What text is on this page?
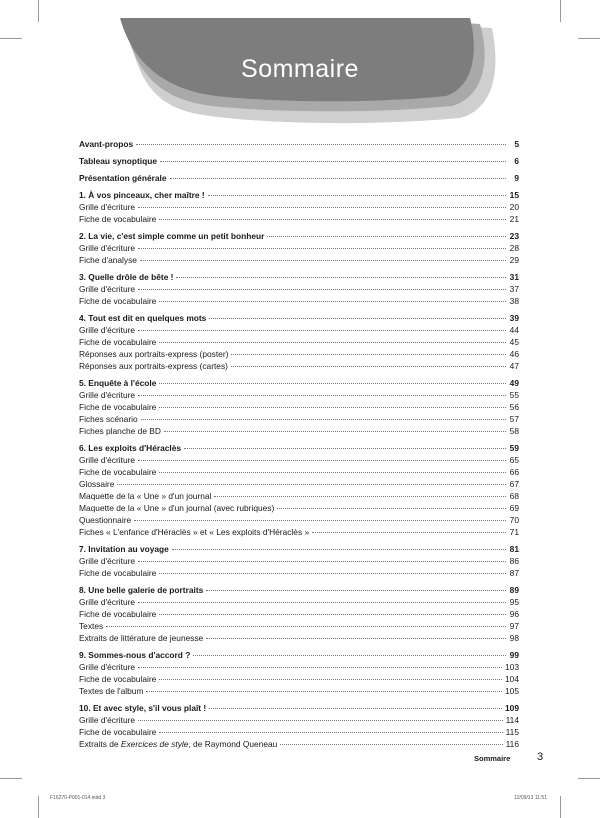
Sommaire
Avant-propos	5
Tableau synoptique	6
Présentation générale	9
1. À vos pinceaux, cher maître !	15
Grille d'écriture	20
Fiche de vocabulaire	21
2. La vie, c'est simple comme un petit bonheur	23
Grille d'écriture	28
Fiche d'analyse	29
3. Quelle drôle de bête !	31
Grille d'écriture	37
Fiche de vocabulaire	38
4. Tout est dit en quelques mots	39
Grille d'écriture	44
Fiche de vocabulaire	45
Réponses aux portraits-express (poster)	46
Réponses aux portraits-express (cartes)	47
5. Enquête à l'école	49
Grille d'écriture	55
Fiche de vocabulaire	56
Fiches scénario	57
Fiches planche de BD	58
6. Les exploits d'Héraclès	59
Grille d'écriture	65
Fiche de vocabulaire	66
Glossaire	67
Maquette de la « Une » d'un journal	68
Maquette de la « Une » d'un journal (avec rubriques)	69
Questionnaire	70
Fiches « L'enfance d'Héraclès » et « Les exploits d'Héraclès »	71
7. Invitation au voyage	81
Grille d'écriture	86
Fiche de vocabulaire	87
8. Une belle galerie de portraits	89
Grille d'écriture	95
Fiche de vocabulaire	96
Textes	97
Extraits de littérature de jeunesse	98
9. Sommes-nous d'accord ?	99
Grille d'écriture	103
Fiche de vocabulaire	104
Textes de l'album	105
10. Et avec style, s'il vous plaît !	109
Grille d'écriture	114
Fiche de vocabulaire	115
Extraits de Exercices de style, de Raymond Queneau	116
Sommaire 3
F16270-P001-014.indd 3	12/09/13 11:51
